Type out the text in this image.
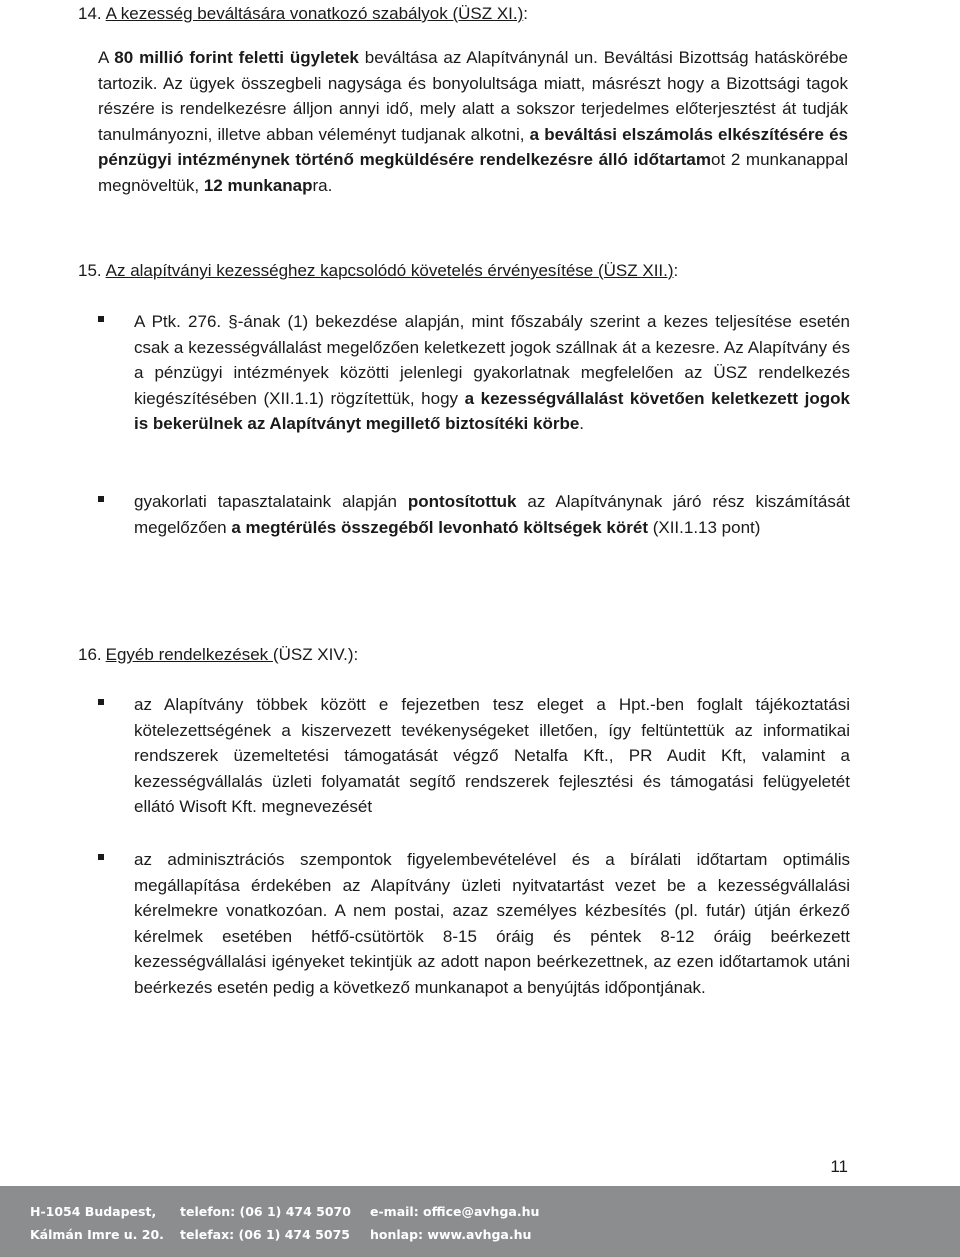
14. A kezesség beváltására vonatkozó szabályok (ÜSZ XI.):
A 80 millió forint feletti ügyletek beváltása az Alapítványnál un. Beváltási Bizottság hatáskörébe tartozik. Az ügyek összegbeli nagysága és bonyolultsága miatt, másrészt hogy a Bizottsági tagok részére is rendelkezésre álljon annyi idő, mely alatt a sokszor terjedelmes előterjesztést át tudják tanulmányozni, illetve abban véleményt tudjanak alkotni, a beváltási elszámolás elkészítésére és pénzügyi intézménynek történő megküldésére rendelkezésre álló időtartamot 2 munkanappal megnöveltük, 12 munkanapra.
15. Az alapítványi kezességhez kapcsolódó követelés érvényesítése (ÜSZ XII.):
A Ptk. 276. §-ának (1) bekezdése alapján, mint főszabály szerint a kezes teljesítése esetén csak a kezességvállalást megelőzően keletkezett jogok szállnak át a kezesre. Az Alapítvány és a pénzügyi intézmények közötti jelenlegi gyakorlatnak megfelelően az ÜSZ rendelkezés kiegészítésében (XII.1.1) rögzítettük, hogy a kezességvállalást követően keletkezett jogok is bekerülnek az Alapítványt megillető biztosítéki körbe.
gyakorlati tapasztalataink alapján pontosítottuk az Alapítványnak járó rész kiszámítását megelőzően a megtérülés összegéből levonható költségek körét (XII.1.13 pont)
16. Egyéb rendelkezések (ÜSZ XIV.):
az Alapítvány többek között e fejezetben tesz eleget a Hpt.-ben foglalt tájékoztatási kötelezettségének a kiszervezett tevékenységeket illetően, így feltüntettük az informatikai rendszerek üzemeltetési támogatását végző Netalfa Kft., PR Audit Kft, valamint a kezességvállalás üzleti folyamatát segítő rendszerek fejlesztési és támogatási felügyeletét ellátó Wisoft Kft. megnevezését
az adminisztrációs szempontok figyelembevételével és a bírálati időtartam optimális megállapítása érdekében az Alapítvány üzleti nyitvatartást vezet be a kezességvállalási kérelmekre vonatkozóan. A nem postai, azaz személyes kézbesítés (pl. futár) útján érkező kérelmek esetében hétfő-csütörtök 8-15 óráig és péntek 8-12 óráig beérkezett kezességvállalási igényeket tekintjük az adott napon beérkezettnek, az ezen időtartamok utáni beérkezés esetén pedig a következő munkanapot a benyújtás időpontjának.
11
H-1054 Budapest,
Kálmán Imre u. 20.
telefon: (06 1) 474 5070
telefax: (06 1) 474 5075
e-mail: office@avhga.hu
honlap: www.avhga.hu
